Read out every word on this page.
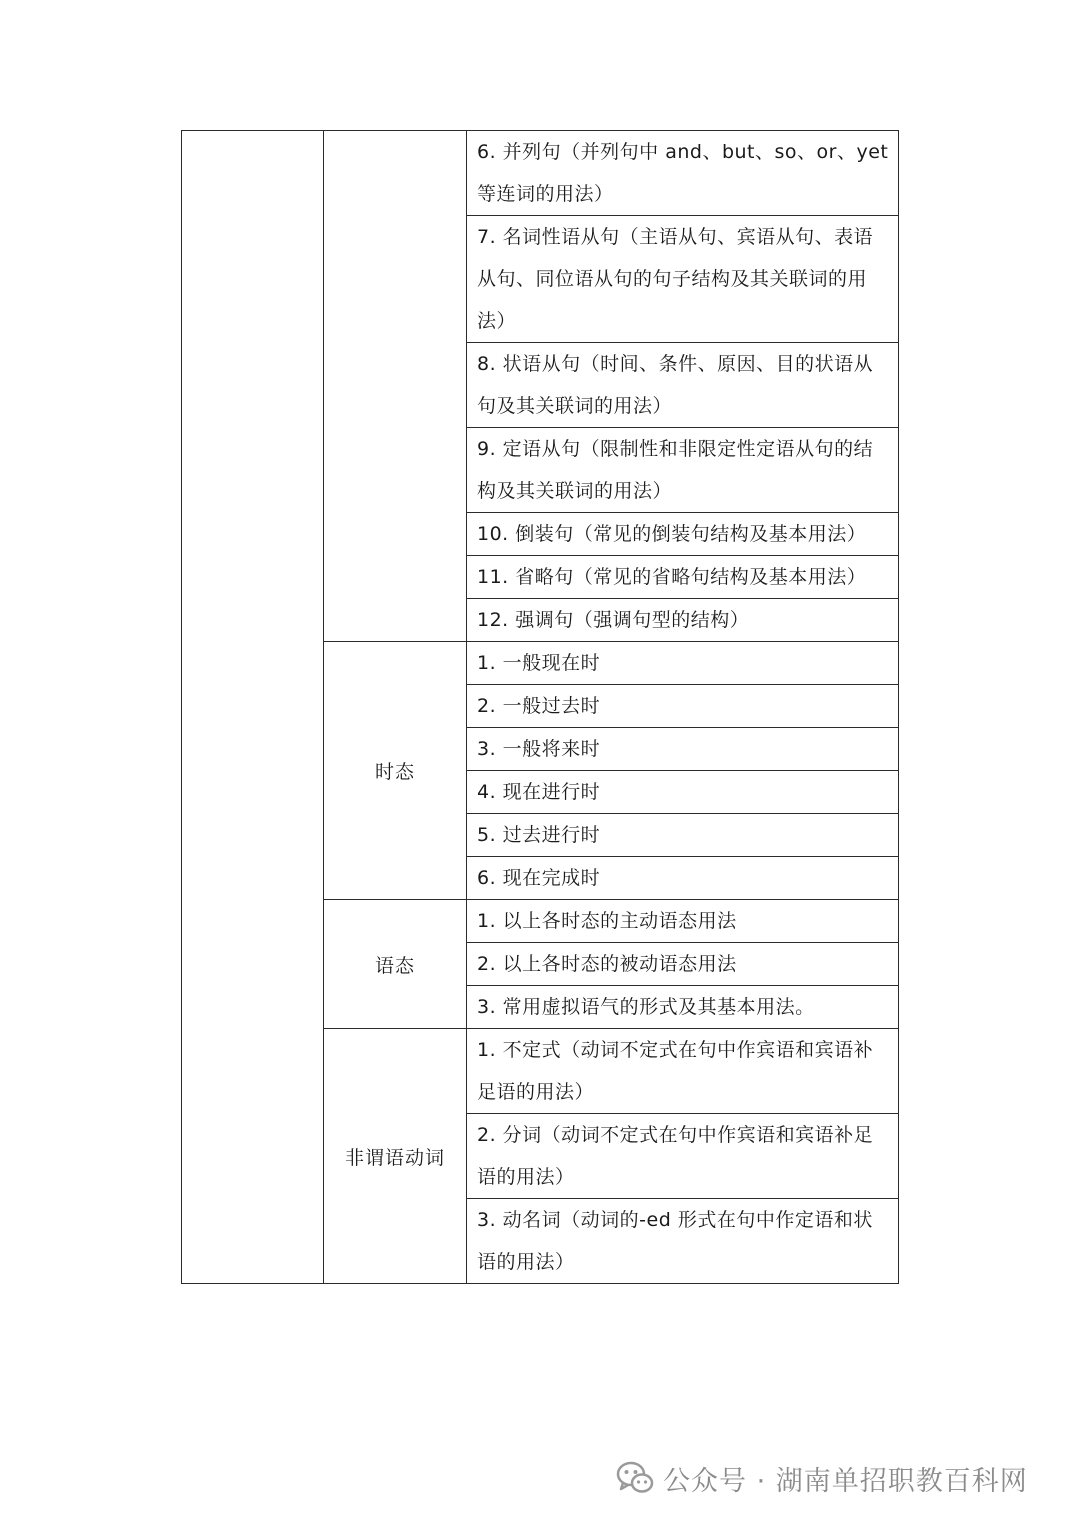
		6. 并列句（并列句中 and、but、so、or、yet 等连词的用法）
		7. 名词性语从句（主语从句、宾语从句、表语从句、同位语从句的句子结构及其关联词的用法）
		8. 状语从句（时间、条件、原因、目的状语从句及其关联词的用法）
		9. 定语从句（限制性和非限定性定语从句的结构及其关联词的用法）
		10. 倒装句（常见的倒装句结构及基本用法）
		11. 省略句（常见的省略句结构及基本用法）
		12. 强调句（强调句型的结构）
	时态	1. 一般现在时
		2. 一般过去时
		3. 一般将来时
		4. 现在进行时
		5. 过去进行时
		6. 现在完成时
	语态	1. 以上各时态的主动语态用法
		2. 以上各时态的被动语态用法
		3. 常用虚拟语气的形式及其基本用法。
	非谓语动词	1. 不定式（动词不定式在句中作宾语和宾语补足语的用法）
		2. 分词（动词不定式在句中作宾语和宾语补足语的用法）
		3. 动名词（动词的-ed 形式在句中作定语和状语的用法）
公众号 · 湖南单招职教百科网
